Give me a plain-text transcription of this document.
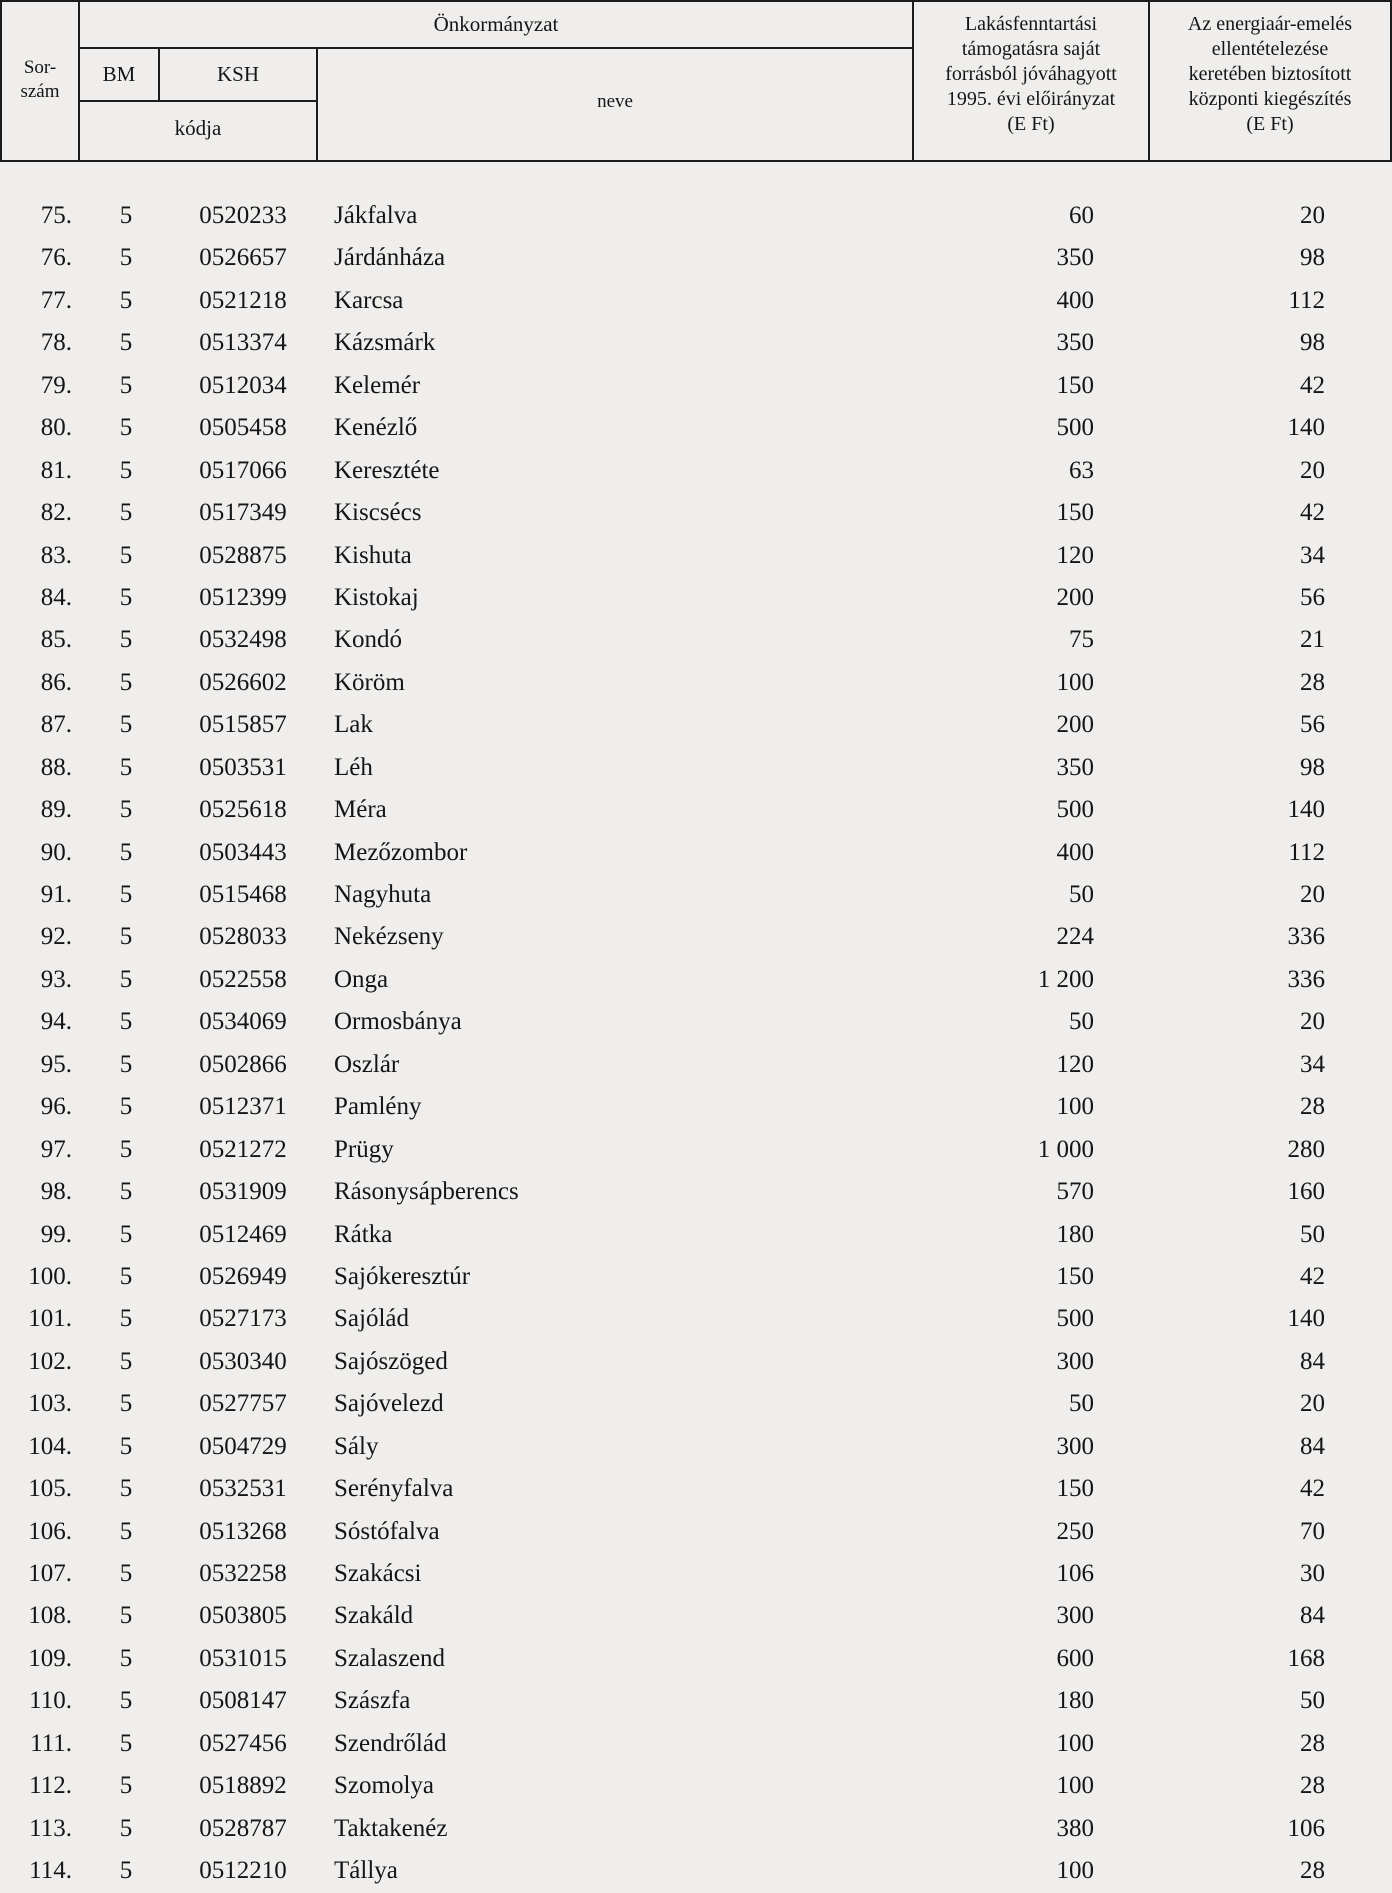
Sor-
szám
Önkormányzat
BM	KSH
kódja
neve
Lakásfenntartási
támogatásra saját
forrásból jóváhagyott
1995. évi előirányzat
(E Ft)
Az energiaár-emelés
ellentételezése
keretében biztosított
központi kiegészítés
(E Ft)
75.	5	0520233	Jákfalva	60	20
76.	5	0526657	Járdánháza	350	98
77.	5	0521218	Karcsa	400	112
78.	5	0513374	Kázsmárk	350	98
79.	5	0512034	Kelemér	150	42
80.	5	0505458	Kenézlő	500	140
81.	5	0517066	Keresztéte	63	20
82.	5	0517349	Kiscsécs	150	42
83.	5	0528875	Kishuta	120	34
84.	5	0512399	Kistokaj	200	56
85.	5	0532498	Kondó	75	21
86.	5	0526602	Köröm	100	28
87.	5	0515857	Lak	200	56
88.	5	0503531	Léh	350	98
89.	5	0525618	Méra	500	140
90.	5	0503443	Mezőzombor	400	112
91.	5	0515468	Nagyhuta	50	20
92.	5	0528033	Nekézseny	224	336
93.	5	0522558	Onga	1 200	336
94.	5	0534069	Ormosbánya	50	20
95.	5	0502866	Oszlár	120	34
96.	5	0512371	Pamlény	100	28
97.	5	0521272	Prügy	1 000	280
98.	5	0531909	Rásonysápberencs	570	160
99.	5	0512469	Rátka	180	50
100.	5	0526949	Sajókeresztúr	150	42
101.	5	0527173	Sajólád	500	140
102.	5	0530340	Sajószöged	300	84
103.	5	0527757	Sajóvelezd	50	20
104.	5	0504729	Sály	300	84
105.	5	0532531	Serényfalva	150	42
106.	5	0513268	Sóstófalva	250	70
107.	5	0532258	Szakácsi	106	30
108.	5	0503805	Szakáld	300	84
109.	5	0531015	Szalaszend	600	168
110.	5	0508147	Szászfa	180	50
111.	5	0527456	Szendrőlád	100	28
112.	5	0518892	Szomolya	100	28
113.	5	0528787	Taktakenéz	380	106
114.	5	0512210	Tállya	100	28
